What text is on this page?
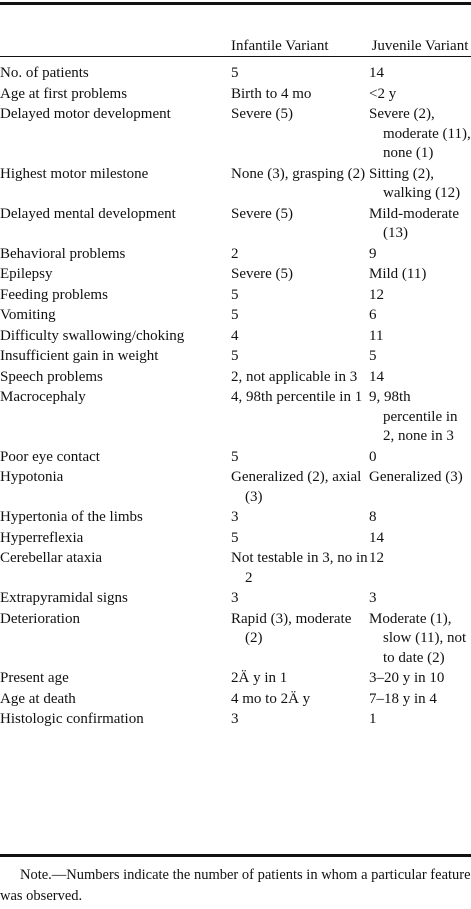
	Infantile Variant	Juvenile Variant

No. of patients	5	14

Age at first problems	Birth to 4 mo	<2 y

Delayed motor development	Severe (5)	Severe (2), moderate (11), none (1)

Highest motor milestone	None (3), grasping (2)	Sitting (2), walking (12)

Delayed mental development	Severe (5)	Mild-moderate (13)

Behavioral problems	2	9

Epilepsy	Severe (5)	Mild (11)

Feeding problems	5	12

Vomiting	5	6

Difficulty swallowing/choking	4	11

Insufficient gain in weight	5	5

Speech problems	2, not applicable in 3	14

Macrocephaly	4, 98th percentile in 1	9, 98th percentile in 2, none in 3

Poor eye contact	5	0

Hypotonia	Generalized (2), axial (3)	Generalized (3)

Hypertonia of the limbs	3	8

Hyperreflexia	5	14

Cerebellar ataxia	Not testable in 3, no in 2	12

Extrapyramidal signs	3	3

Deterioration	Rapid (3), moderate (2)	Moderate (1), slow (11), not to date (2)

Present age	2Ä y in 1	3–20 y in 10

Age at death	4 mo to 2Ä y	7–18 y in 4

Histologic confirmation	3	1
Note.—Numbers indicate the number of patients in whom a particular feature was observed.
